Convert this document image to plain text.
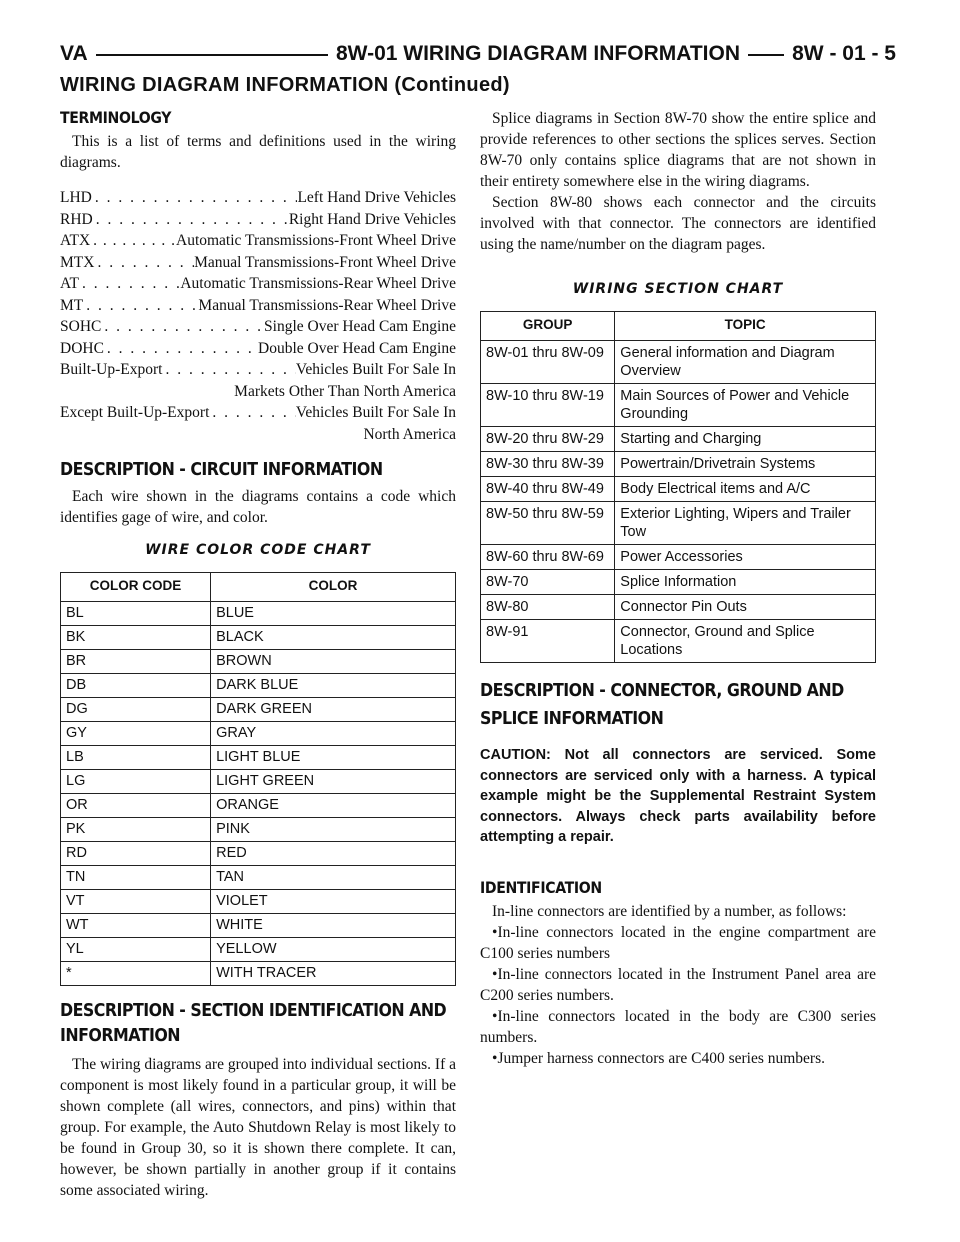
VA	8W-01 WIRING DIAGRAM INFORMATION	8W - 01 - 5
WIRING DIAGRAM INFORMATION (Continued)
TERMINOLOGY

This is a list of terms and definitions used in the wiring diagrams.

LHD . . .	Left Hand Drive Vehicles
RHD . . .	Right Hand Drive Vehicles
ATX . . .	Automatic Transmissions-Front Wheel Drive
MTX . . .	Manual Transmissions-Front Wheel Drive
AT . . .	Automatic Transmissions-Rear Wheel Drive
MT . . .	Manual Transmissions-Rear Wheel Drive
SOHC . . .	Single Over Head Cam Engine
DOHC . . .	Double Over Head Cam Engine
Built-Up-Export . . .	Vehicles Built For Sale In
Markets Other Than North America
Except Built-Up-Export . . .	Vehicles Built For Sale In
North America
DESCRIPTION - CIRCUIT INFORMATION

Each wire shown in the diagrams contains a code which identifies gage of wire, and color.

WIRE COLOR CODE CHART
COLOR CODE	COLOR
BL	BLUE
BK	BLACK
BR	BROWN
DB	DARK BLUE
DG	DARK GREEN
GY	GRAY
LB	LIGHT BLUE
LG	LIGHT GREEN
OR	ORANGE
PK	PINK
RD	RED
TN	TAN
VT	VIOLET
WT	WHITE
YL	YELLOW
*	WITH TRACER
DESCRIPTION - SECTION IDENTIFICATION AND
INFORMATION

The wiring diagrams are grouped into individual sections. If a component is most likely found in a particular group, it will be shown complete (all wires, connectors, and pins) within that group. For example, the Auto Shutdown Relay is most likely to be found in Group 30, so it is shown there complete. It can, however, be shown partially in another group if it contains some associated wiring.

Splice diagrams in Section 8W-70 show the entire splice and provide references to other sections the splices serves. Section 8W-70 only contains splice diagrams that are not shown in their entirety somewhere else in the wiring diagrams.

Section 8W-80 shows each connector and the circuits involved with that connector. The connectors are identified using the name/number on the diagram pages.

WIRING SECTION CHART
GROUP	TOPIC
8W-01 thru 8W-09	General information and Diagram Overview
8W-10 thru 8W-19	Main Sources of Power and Vehicle Grounding
8W-20 thru 8W-29	Starting and Charging
8W-30 thru 8W-39	Powertrain/Drivetrain Systems
8W-40 thru 8W-49	Body Electrical items and A/C
8W-50 thru 8W-59	Exterior Lighting, Wipers and Trailer Tow
8W-60 thru 8W-69	Power Accessories
8W-70	Splice Information
8W-80	Connector Pin Outs
8W-91	Connector, Ground and Splice Locations
DESCRIPTION - CONNECTOR, GROUND AND
SPLICE INFORMATION
CAUTION: Not all connectors are serviced. Some connectors are serviced only with a harness. A typical example might be the Supplemental Restraint System connectors. Always check parts availability before attempting a repair.
IDENTIFICATION

In-line connectors are identified by a number, as follows:

•In-line connectors located in the engine compartment are C100 series numbers

•In-line connectors located in the Instrument Panel area are C200 series numbers.

•In-line connectors located in the body are C300 series numbers.

•Jumper harness connectors are C400 series numbers.
